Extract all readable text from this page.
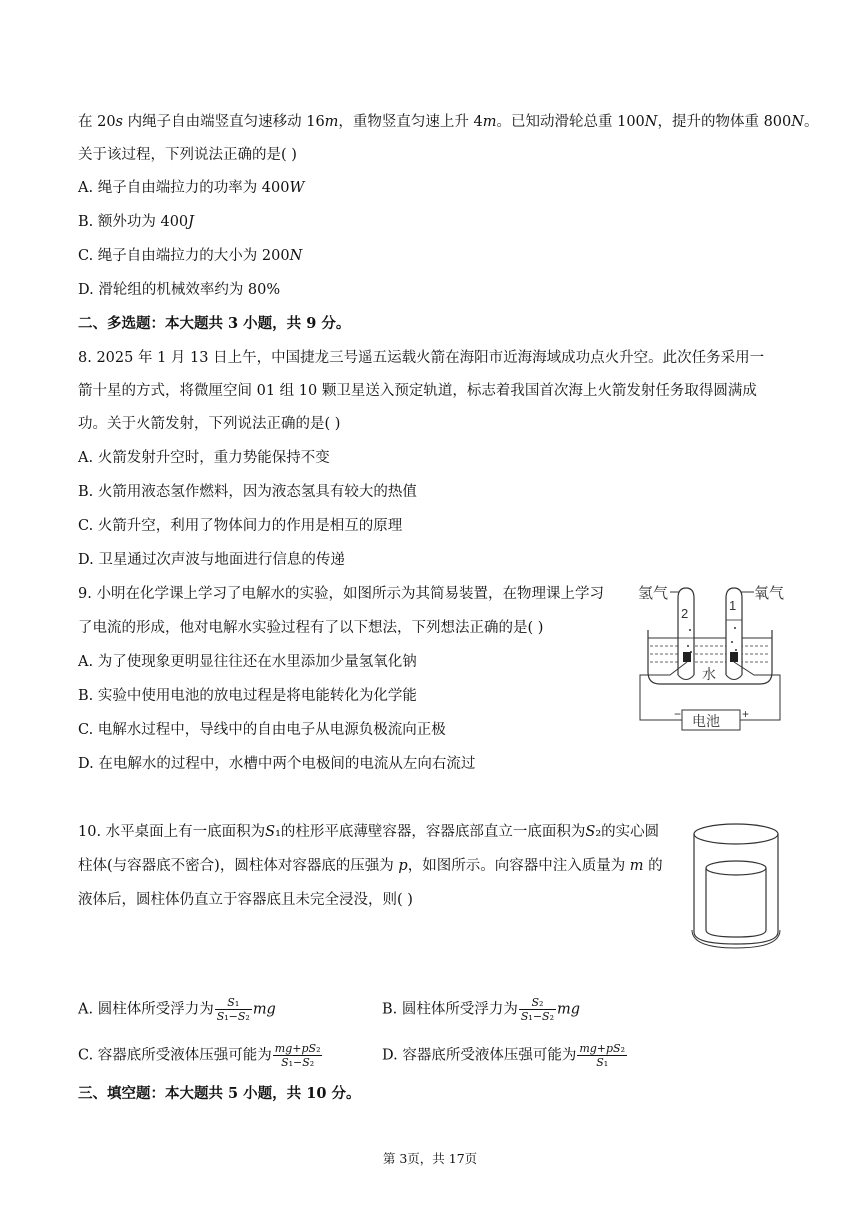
在 20𝑠 内绳子自由端竖直匀速移动 16𝑚，重物竖直匀速上升 4𝑚。已知动滑轮总重 100𝑁，提升的物体重 800𝑁。
关于该过程，下列说法正确的是( )
A. 绳子自由端拉力的功率为 400𝑊
B. 额外功为 400𝐽
C. 绳子自由端拉力的大小为 200𝑁
D. 滑轮组的机械效率约为 80%
二、多选题：本大题共 3 小题，共 9 分。
8. 2025 年 1 月 13 日上午，中国捷龙三号遥五运载火箭在海阳市近海海域成功点火升空。此次任务采用一
箭十星的方式，将微厘空间 01 组 10 颗卫星送入预定轨道，标志着我国首次海上火箭发射任务取得圆满成
功。关于火箭发射，下列说法正确的是( )
A. 火箭发射升空时，重力势能保持不变
B. 火箭用液态氢作燃料，因为液态氢具有较大的热值
C. 火箭升空，利用了物体间力的作用是相互的原理
D. 卫星通过次声波与地面进行信息的传递
9. 小明在化学课上学习了电解水的实验，如图所示为其简易装置，在物理课上学习
了电流的形成，他对电解水实验过程有了以下想法，下列想法正确的是( )
A. 为了使现象更明显往往还在水里添加少量氢氧化钠
B. 实验中使用电池的放电过程是将电能转化为化学能
C. 电解水过程中，导线中的自由电子从电源负极流向正极
D. 在电解水的过程中，水槽中两个电极间的电流从左向右流过
氢气	氧气
2
1
水
电池
−	+
10. 水平桌面上有一底面积为𝑆₁的柱形平底薄壁容器，容器底部直立一底面积为𝑆₂的实心圆
柱体(与容器底不密合)，圆柱体对容器底的压强为 𝑝，如图所示。向容器中注入质量为 𝑚 的
液体后，圆柱体仍直立于容器底且未完全浸没，则( )
A. 圆柱体所受浮力为 $\frac{\text{𝑆₁}}{\text{𝑆₁−𝑆₂}}$ 𝑚𝑔	B. 圆柱体所受浮力为 $\frac{\text{𝑆₂}}{\text{𝑆₁−𝑆₂}}$ 𝑚𝑔
C. 容器底所受液体压强可能为 $\frac{\text{𝑚𝑔+𝑝𝑆₂}}{\text{𝑆₁−𝑆₂}}$	D. 容器底所受液体压强可能为 $\frac{\text{𝑚𝑔+𝑝𝑆₂}}{\text{𝑆₁}}$
三、填空题：本大题共 5 小题，共 10 分。
第 3页，共 17页
